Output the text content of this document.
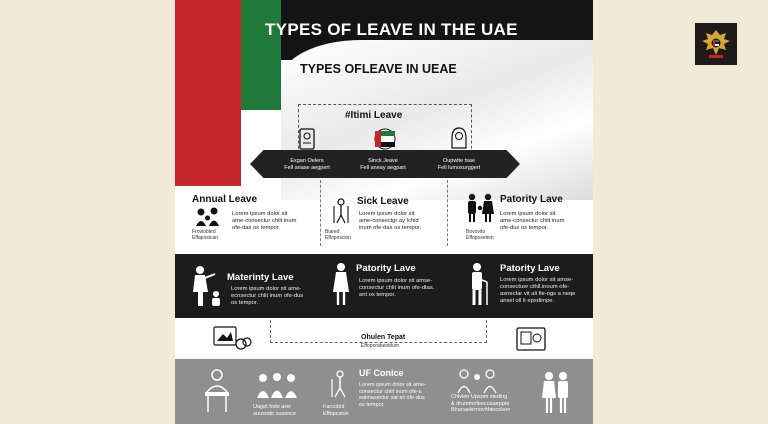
TYPES OF LEAVE IN THE UAE
TYPES OFLEAVE IN UEAE
#Itimi Leave
Exgan Oelers
Fell anase aegpert
Sinck Jeave
Fell aneay aegpart
Oupwite tsae
Fell lumosurggert
Annual Leave
Froviobted
Effaposican
Lorem ipsum dolor sit ame-consectur chlit inum ofe-das os tempor.
Sick Leave
Biared
Effoposcion
Lorem ipsum dolor sit ame-consectgr ay lchid inum ofe-das os tempor.
Patority Lave
Bovovito
Effoposetion
Lorem ipsum dolor sit ame-consectur chlit inum ofe-dus os tempor.
Materinty Lave
Lorem ipsum dolor sit ame-ecnsectur chlit inum ofe-dus os tempor.
Patority Lave
Lorem ipsum dolor sit amse-consectur chlit inum ofe-dtas. ant os tempor.
Patority Lave
Lorem ipsum dolor sit amse-consectuer cthll.inoum ofe-asnectar vit ali fie-ogs a neqe ansel oll it epsdimpe.
Ohulen Tepat
Effoporabeoblum
Uaget fode arel
ouusode susence
Farcobid
Effopcsion
UF Conice
Lorem ipsum dolor sit ame-consectur chlit inum ofe-a ealmasectur vat ali ofe-dus os tempor.
Chlvien Upsum sieding
& drummefeeccaaeppte
Bhanaelemovhfanceleer
